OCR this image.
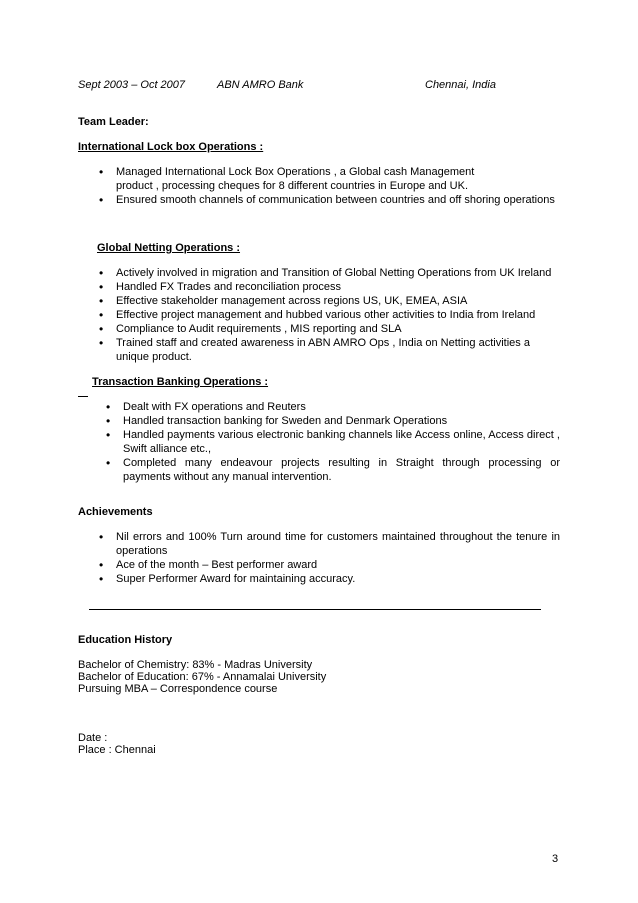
Sept 2003 – Oct 2007	ABN AMRO Bank	Chennai, India
Team Leader:
International Lock box Operations :
• Managed International Lock Box Operations , a Global cash Management product , processing cheques for 8 different countries in Europe and UK.
• Ensured smooth channels of communication between countries and off shoring operations
Global Netting Operations :
• Actively involved in migration and Transition of Global Netting Operations from UK Ireland
• Handled FX Trades and reconciliation process
• Effective stakeholder management across regions US, UK, EMEA, ASIA
• Effective project management and hubbed various other activities to India from Ireland
• Compliance to Audit requirements , MIS reporting and SLA
• Trained staff and created awareness in ABN AMRO Ops , India on Netting activities a unique product.
Transaction Banking Operations :
• Dealt with FX operations and Reuters
• Handled transaction banking for Sweden and Denmark Operations
• Handled payments various electronic banking channels like Access online, Access direct , Swift alliance etc.,
• Completed many endeavour projects resulting in Straight through processing or payments without any manual intervention.
Achievements
• Nil errors and 100% Turn around time for customers maintained throughout the tenure in operations
• Ace of the month – Best performer award
• Super Performer Award for maintaining accuracy.
Education History
Bachelor of Chemistry: 83% - Madras University
Bachelor of Education: 67% - Annamalai University
Pursuing MBA – Correspondence course
Date :
Place : Chennai
3
